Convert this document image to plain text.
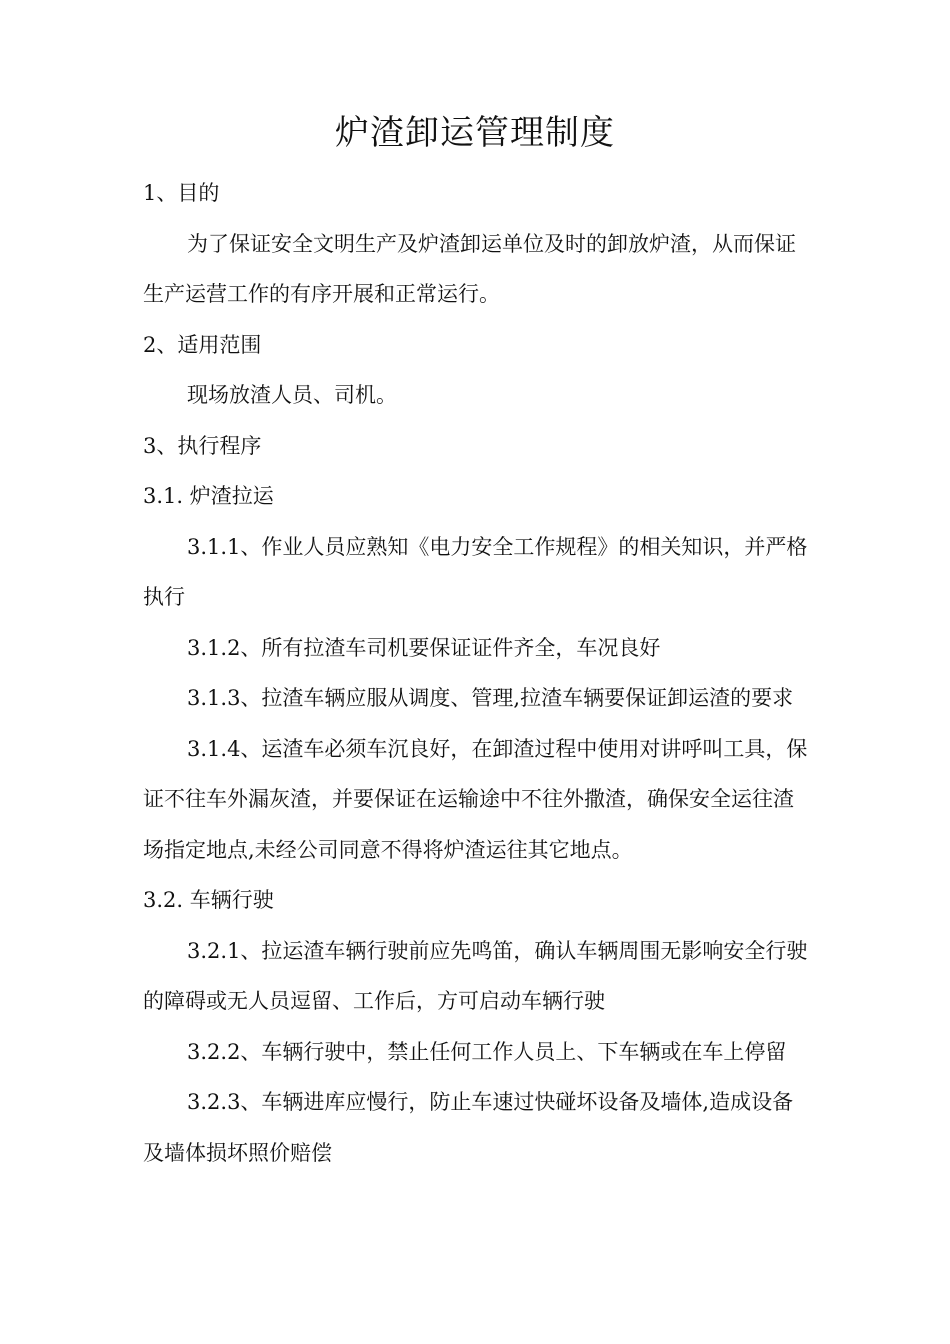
炉渣卸运管理制度

1、目的

为了保证安全文明生产及炉渣卸运单位及时的卸放炉渣，从而保证生产运营工作的有序开展和正常运行。

2、适用范围

现场放渣人员、司机。

3、执行程序

3.1. 炉渣拉运

3.1.1、作业人员应熟知《电力安全工作规程》的相关知识，并严格执行

3.1.2、所有拉渣车司机要保证证件齐全，车况良好

3.1.3、拉渣车辆应服从调度、管理,拉渣车辆要保证卸运渣的要求

3.1.4、运渣车必须车沉良好，在卸渣过程中使用对讲呼叫工具，保证不往车外漏灰渣，并要保证在运输途中不往外撒渣，确保安全运往渣场指定地点,未经公司同意不得将炉渣运往其它地点。

3.2. 车辆行驶

3.2.1、拉运渣车辆行驶前应先鸣笛，确认车辆周围无影响安全行驶的障碍或无人员逗留、工作后，方可启动车辆行驶

3.2.2、车辆行驶中，禁止任何工作人员上、下车辆或在车上停留

3.2.3、车辆进库应慢行，防止车速过快碰坏设备及墙体,造成设备及墙体损坏照价赔偿
